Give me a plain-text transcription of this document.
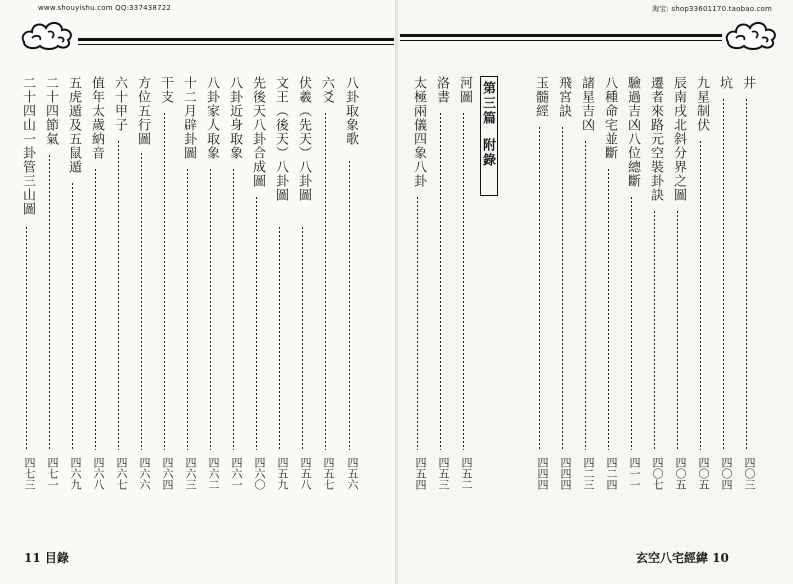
www.shouyishu.com QQ:337438722	淘宝: shop33601170.taobao.com
八卦取象歌
四五六
六爻
四五七
伏羲（先天）八卦圖
四五八
文王（後天）八卦圖
四五九
先後天八卦合成圖
四六〇
八卦近身取象
四六一
八卦家人取象
四六二
十二月辟卦圖
四六三
干支
四六四
方位五行圖
四六六
六十甲子
四六七
值年太歲納音
四六八
五虎遁及五鼠遁
四六九
二十四節氣
四七一
二十四山一卦管三山圖
四七三
井
四〇三
坑
四〇四
九星制伏
四〇五
辰南戌北斜分界之圖
四〇五
遷者來路元空裝卦訣
四〇七
驗過吉凶八位總斷
四一一
八種命宅並斷
四二四
諸星吉凶
四二三
飛宮訣
四四四
玉髓經
四四四
第三篇附錄
河圖
四五二
洛書
四五三
太極兩儀四象八卦
四五四
11 目錄	玄空八宅經緯 10
